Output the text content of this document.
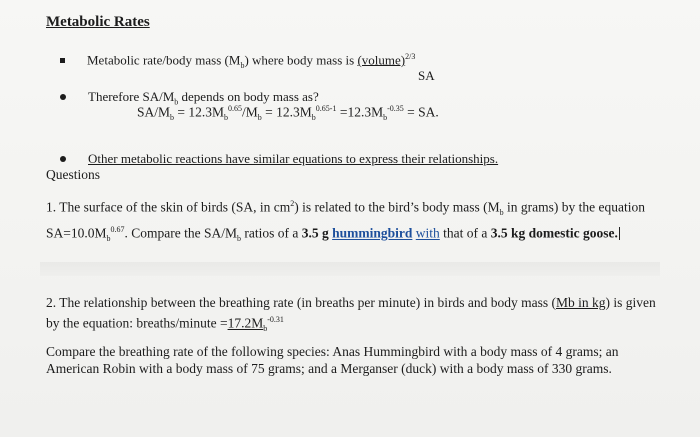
Metabolic Rates
Metabolic rate/body mass $(M_b)$ where body mass is (volume)$^{2/3}$
SA
Therefore $SA/M_b$ depends on body mass as?
$SA/M_b = 12.3M_b^{0.65}/M_b = 12.3M_b^{0.65-1} =12.3M_b^{-0.35}$ = SA.
Other metabolic reactions have similar equations to express their relationships.
Questions
1. The surface of the skin of birds (SA, in $cm^2$) is related to the bird’s body mass ($M_b$ in grams) by the equation $SA=10.0M_b^{0.67}$. Compare the $SA/M_b$ ratios of a 3.5 g hummingbird with that of a 3.5 kg domestic goose.
2. The relationship between the breathing rate (in breaths per minute) in birds and body mass (Mb in kg) is given by the equation: breaths/minute $=17.2M_b^{-0.31}$
Compare the breathing rate of the following species: Anas Hummingbird with a body mass of 4 grams; an American Robin with a body mass of 75 grams; and a Merganser (duck) with a body mass of 330 grams.
